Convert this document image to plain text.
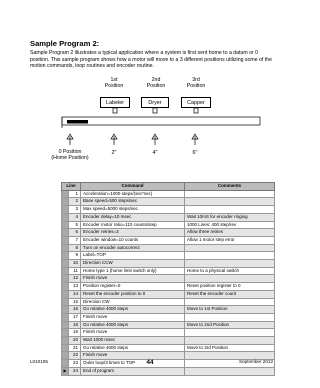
Sample Program 2:
Sample Program 2 illustrates a typical application where a system is first sent home to a datum or 0 position. This sample program shows how a motor will move to a 3 different positions utilizing some of the motion commands, loop routines and encoder routine.
1st
Position
2nd
Position
3rd
Position
Labeler	Dryer	Capper
0 Position
(Home Position)
2"	4"	6"
Line		Command	Comments
	1	Acceleration=1000 steps/(sec*sec)	
	2	Base speed=500 steps/sec	
	3	Max speed=5000 steps/sec	
	4	Encoder delay=10 msec	Wait 10mS for encoder ringing
	5	Encoder motor ratio=110 counts/step	1000 Lines: 400 step/rev
	6	Encoder retries=3	Allow three retries
	7	Encoder window=10 counts	Allow 1 motor step error
	8	Turn on encoder autocorrect	
	9	Label=TOP	
	10	Direction CCW	
	11	Home type 1 (home limit switch only)	Home to a physical switch
	12	Finish move	
	13	Position register=0	Reset position register to 0
	14	Reset the encoder position to 0	Reset the encoder count
	15	Direction CW	
	16	Go relative 4000 steps	Move to 1st Position
	17	Finish move	
	18	Go relative 4000 steps	Move to 2nd Position
	19	Finish move	
	20	Wait 1000 msec	
	21	Go relative 4000 steps	Move to 3rd Position
	22	Finish move	
	23	Outer loop/3 times to TOP	
▶	24	End of program	
L010105	44	September 2012
